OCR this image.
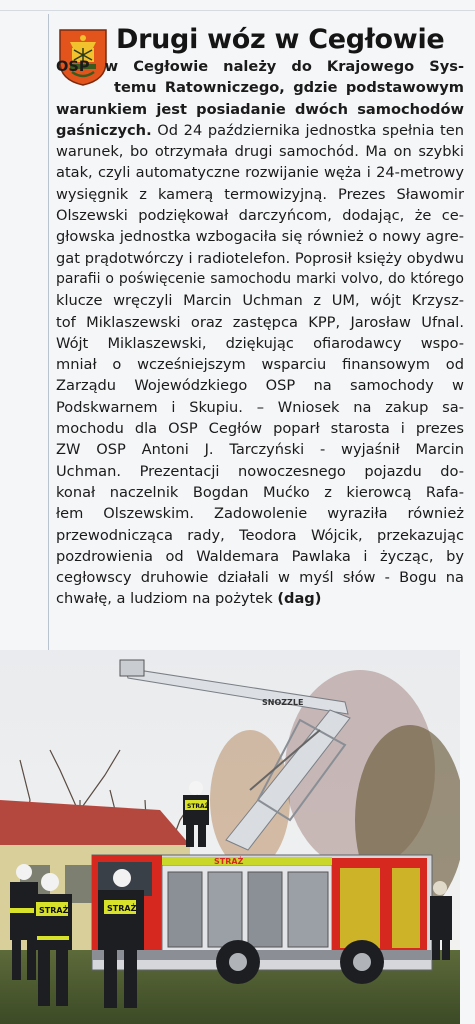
Drugi wóz w Cegłowie
OSP w Cegłowie należy do Krajowego Sys-
temu Ratowniczego, gdzie podstawowym
warunkiem jest posiadanie dwóch samochodów
gaśniczych. Od 24 października jednostka spełnia ten
warunek, bo otrzymała drugi samochód. Ma on szybki
atak, czyli automatyczne rozwijanie węża i 24-metrowy
wysięgnik z kamerą termowizyjną. Prezes Sławomir
Olszewski podziękował darczyńcom, dodając, że ce-
głowska jednostka wzbogaciła się również o nowy agre-
gat prądotwórczy i radiotelefon. Poprosił księży obydwu
parafii o poświęcenie samochodu marki volvo, do którego
klucze wręczyli Marcin Uchman z UM, wójt Krzysz-
tof Miklaszewski oraz zastępca KPP, Jarosław Ufnal.
Wójt Miklaszewski, dziękując ofiarodawcy wspo-
mniał o wcześniejszym wsparciu finansowym od
Zarządu Wojewódzkiego OSP na samochody w
Podskwarnem i Skupiu. – Wniosek na zakup sa-
mochodu dla OSP Cegłów poparł starosta i prezes
ZW OSP Antoni J. Tarczyński - wyjaśnił Marcin
Uchman. Prezentacji nowoczesnego pojazdu do-
konał naczelnik Bogdan Mućko z kierowcą Rafa-
łem Olszewskim. Zadowolenie wyraziła również
przewodnicząca rady, Teodora Wójcik, przekazując
pozdrowienia od Waldemara Pawlaka i życząc, by
cegłowscy druhowie działali w myśl słów - Bogu na
chwałę, a ludziom na pożytek (dag)
SNOZZLE
STRAŻ
STRAŻ
STRAŻ	STRAŻ
